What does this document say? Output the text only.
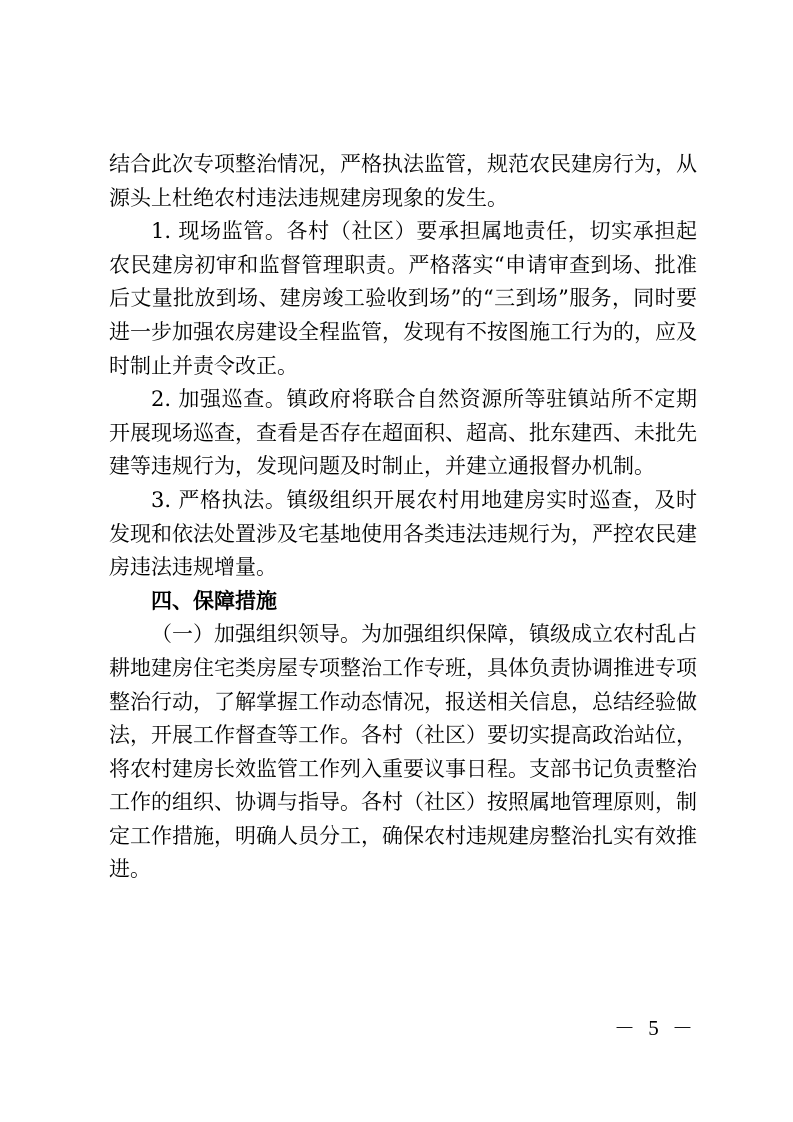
结合此次专项整治情况，严格执法监管，规范农民建房行为，从源头上杜绝农村违法违规建房现象的发生。

1. 现场监管。各村（社区）要承担属地责任，切实承担起农民建房初审和监督管理职责。严格落实“申请审查到场、批准后丈量批放到场、建房竣工验收到场”的“三到场”服务，同时要进一步加强农房建设全程监管，发现有不按图施工行为的，应及时制止并责令改正。

2. 加强巡查。镇政府将联合自然资源所等驻镇站所不定期开展现场巡查，查看是否存在超面积、超高、批东建西、未批先建等违规行为，发现问题及时制止，并建立通报督办机制。

3. 严格执法。镇级组织开展农村用地建房实时巡查，及时发现和依法处置涉及宅基地使用各类违法违规行为，严控农民建房违法违规增量。

四、保障措施

（一）加强组织领导。为加强组织保障，镇级成立农村乱占耕地建房住宅类房屋专项整治工作专班，具体负责协调推进专项整治行动，了解掌握工作动态情况，报送相关信息，总结经验做法，开展工作督查等工作。各村（社区）要切实提高政治站位，将农村建房长效监管工作列入重要议事日程。支部书记负责整治工作的组织、协调与指导。各村（社区）按照属地管理原则，制定工作措施，明确人员分工，确保农村违规建房整治扎实有效推进。

－ 5 －
